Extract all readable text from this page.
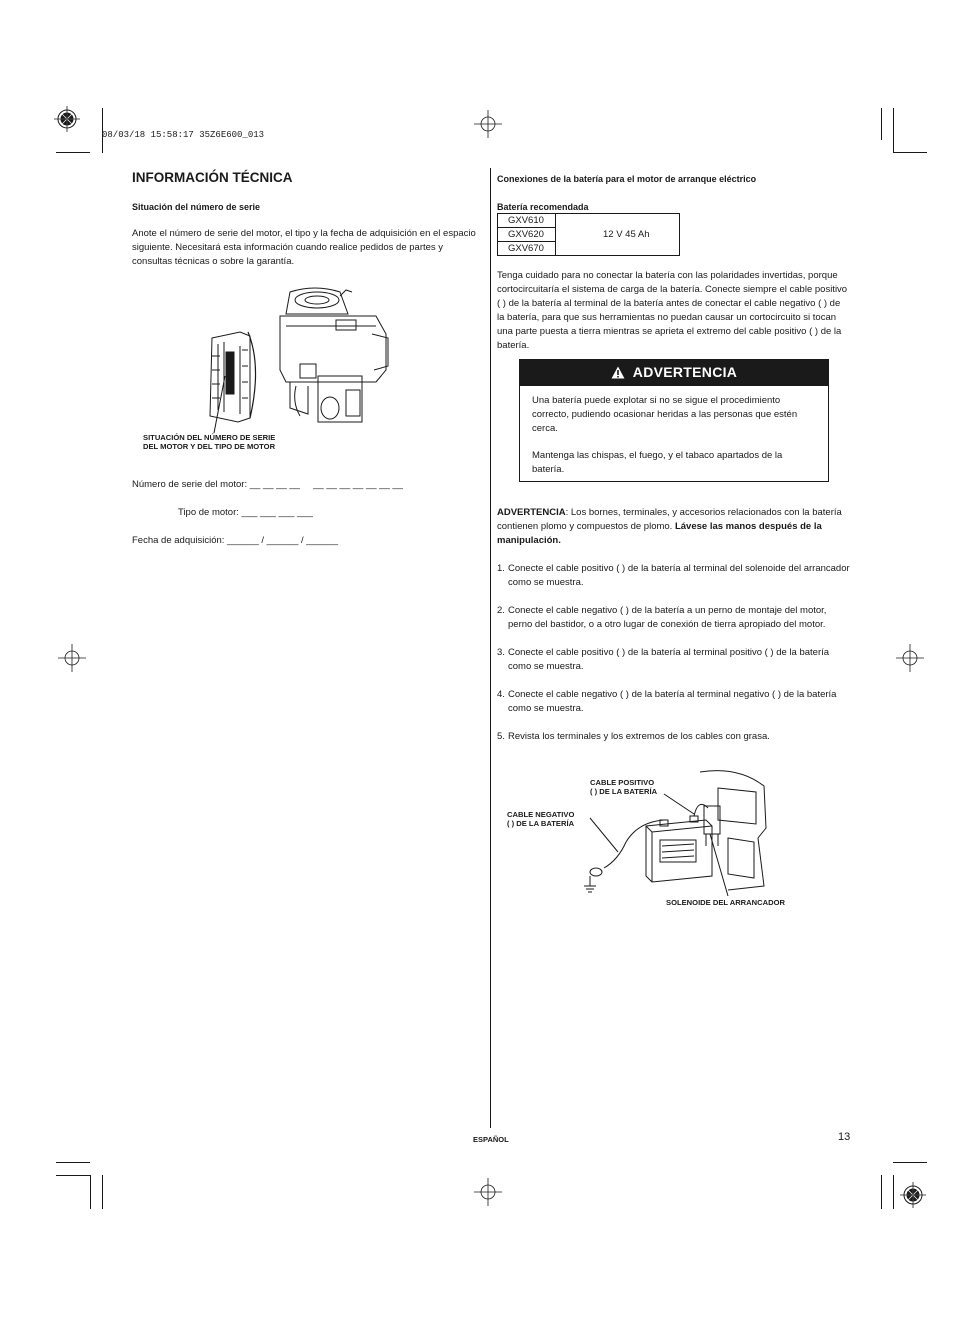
08/03/18 15:58:17 35Z6E600_013
INFORMACIÓN TÉCNICA
Situación del número de serie
Anote el número de serie del motor, el tipo y la fecha de adquisición en el espacio siguiente. Necesitará esta información cuando realice pedidos de partes y consultas técnicas o sobre la garantía.
SITUACIÓN DEL NÚMERO DE SERIE
DEL MOTOR Y DEL TIPO DE MOTOR
Número de serie del motor: __ __ __ __     __ __ __ __ __ __ __
Tipo de motor: ___ ___ ___ ___
Fecha de adquisición: ______ / ______ / ______
Conexiones de la batería para el motor de arranque eléctrico
Batería recomendada
GXV610	12 V 45 Ah
GXV620
GXV670
Tenga cuidado para no conectar la batería con las polaridades invertidas, porque cortocircuitaría el sistema de carga de la batería. Conecte siempre el cable positivo ( ) de la batería al terminal de la batería antes de conectar el cable negativo ( ) de la batería, para que sus herramientas no puedan causar un cortocircuito si tocan una parte puesta a tierra mientras se aprieta el extremo del cable positivo ( ) de la batería.
ADVERTENCIA
Una batería puede explotar si no se sigue el procedimiento correcto, pudiendo ocasionar heridas a las personas que estén cerca.
Mantenga las chispas, el fuego, y el tabaco apartados de la batería.
ADVERTENCIA: Los bornes, terminales, y accesorios relacionados con la batería contienen plomo y compuestos de plomo. Lávese las manos después de la manipulación.
1. Conecte el cable positivo ( ) de la batería al terminal del solenoide del arrancador como se muestra.
2. Conecte el cable negativo ( ) de la batería a un perno de montaje del motor, perno del bastidor, o a otro lugar de conexión de tierra apropiado del motor.
3. Conecte el cable positivo ( ) de la batería al terminal positivo ( ) de la batería como se muestra.
4. Conecte el cable negativo ( ) de la batería al terminal negativo ( ) de la batería como se muestra.
5. Revista los terminales y los extremos de los cables con grasa.
CABLE POSITIVO
( ) DE LA BATERÍA
CABLE NEGATIVO
( ) DE LA BATERÍA
SOLENOIDE DEL ARRANCADOR
ESPAÑOL	13
